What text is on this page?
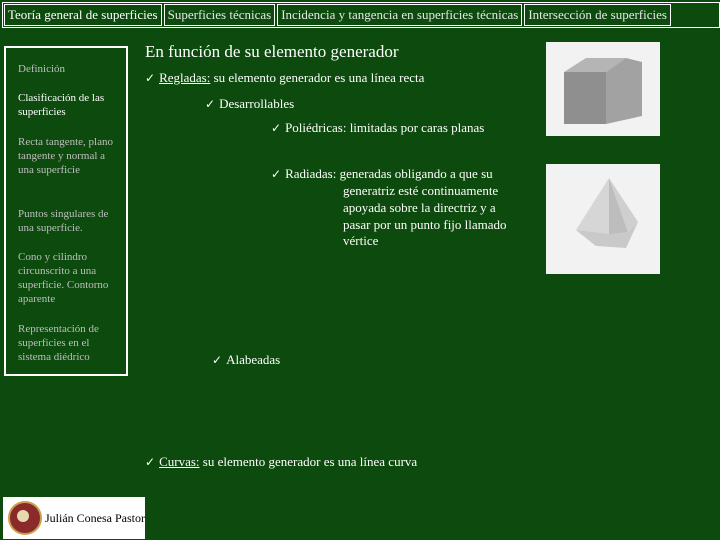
Teoría general de superficies Superficies técnicas Incidencia y tangencia en superficies técnicas Intersección de superficies
Definición
Clasificación de las superficies
Recta tangente, plano tangente y normal a una superficie
Puntos singulares de una superficie.
Cono y cilindro circunscrito a una superficie. Contorno aparente
Representación de superficies en el sistema diédrico
En función de su elemento generador
✓ Regladas: su elemento generador es una línea recta
✓ Desarrollables
✓ Poliédricas: limitadas por caras planas
✓ Radiadas: generadas obligando a que su
generatriz esté continuamente
apoyada sobre la directriz y a
pasar por un punto fijo llamado
vértice
✓ Alabeadas
✓ Curvas: su elemento generador es una línea curva
Julián Conesa Pastor
